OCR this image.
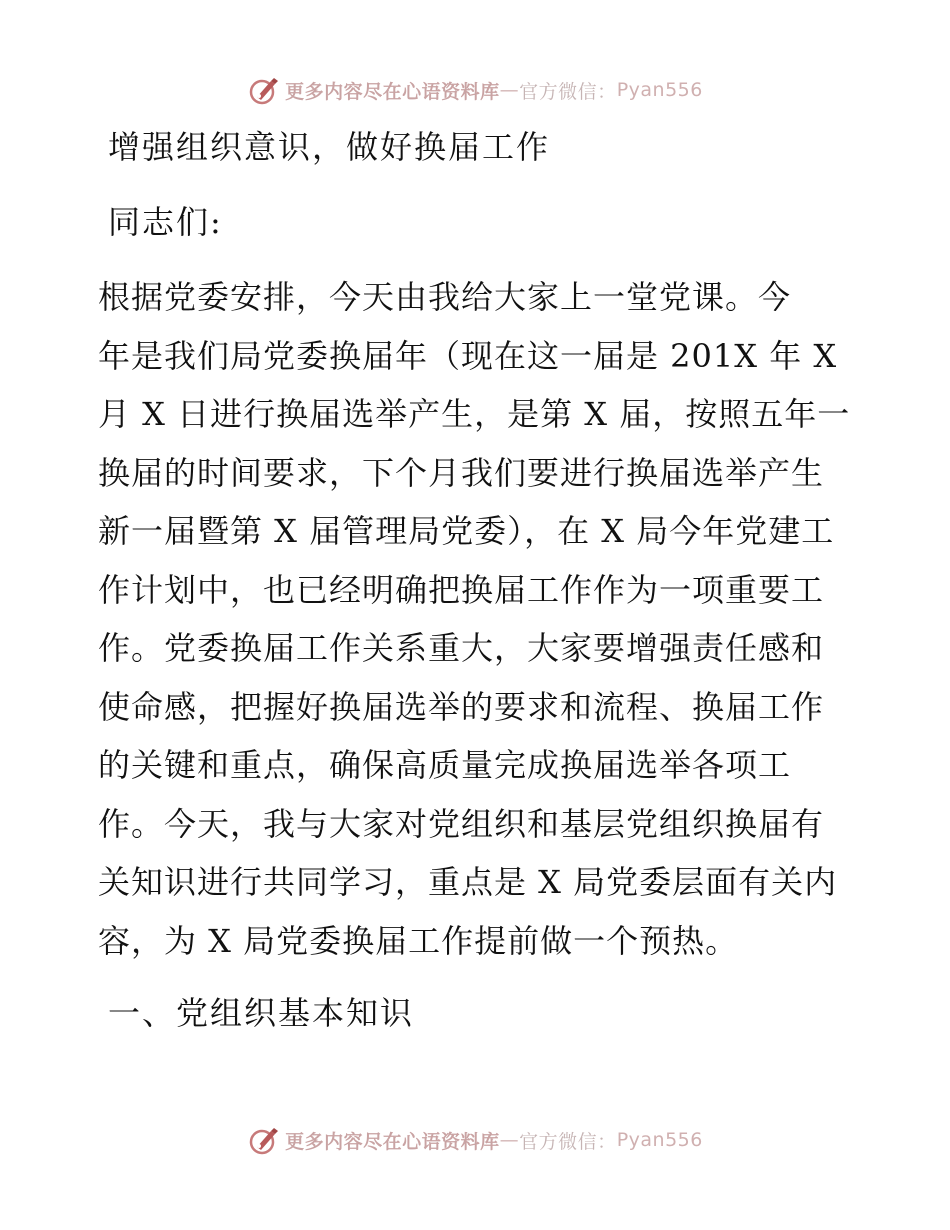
更多内容尽在心语资料库 — 官方微信： Pyan556
增强组织意识，做好换届工作
同志们:
根据党委安排，今天由我给大家上一堂党课。今
年是我们局党委换届年（现在这一届是 201X 年 X
月 X 日进行换届选举产生，是第 X 届，按照五年一
换届的时间要求，下个月我们要进行换届选举产生
新一届暨第 X 届管理局党委），在 X 局今年党建工
作计划中，也已经明确把换届工作作为一项重要工
作。党委换届工作关系重大，大家要增强责任感和
使命感，把握好换届选举的要求和流程、换届工作
的关键和重点，确保高质量完成换届选举各项工
作。今天，我与大家对党组织和基层党组织换届有
关知识进行共同学习，重点是 X 局党委层面有关内
容，为 X 局党委换届工作提前做一个预热。
一、党组织基本知识
更多内容尽在心语资料库 — 官方微信： Pyan556
